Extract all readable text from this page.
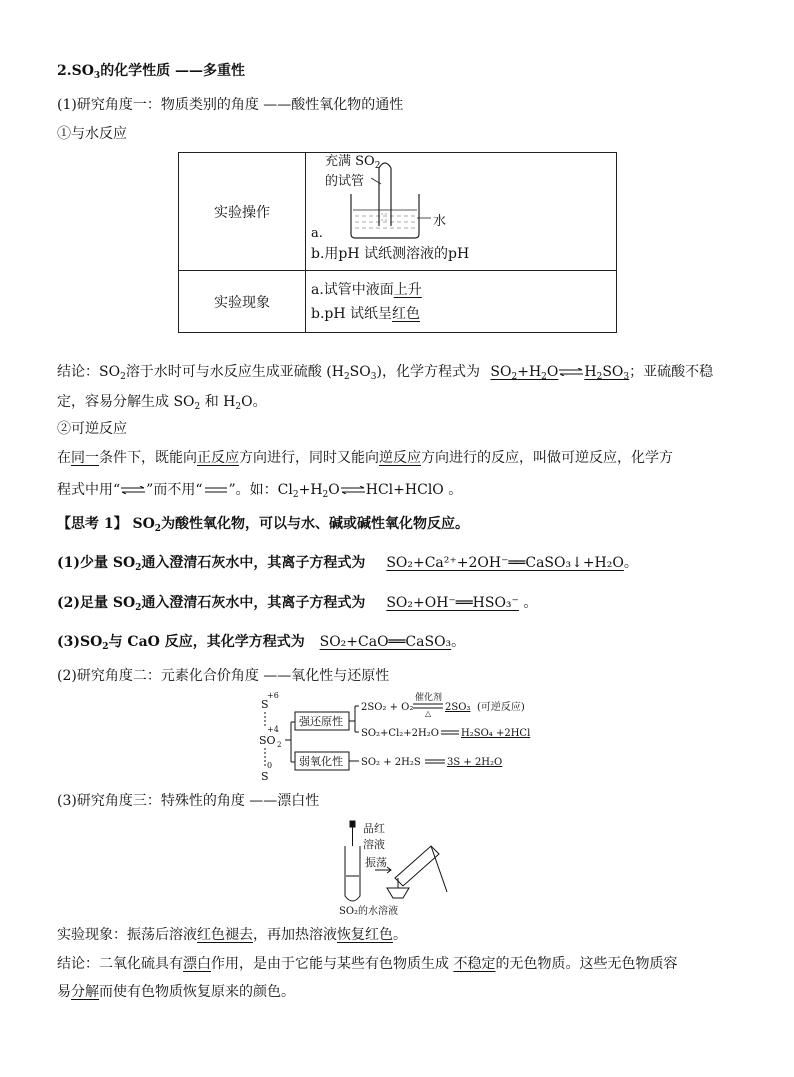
$2.SO_3$的化学性质 ——多重性
(1)研究角度一：物质类别的角度 ——酸性氧化物的通性
①与水反应
实验操作	充满 $SO_2$
的试管
水
a.
b.用pH 试纸测溶液的pH

实验现象	a.试管中液面上升
b.pH 试纸呈红色
结论：$SO_2$溶于水时可与水反应生成亚硫酸 $(H_2SO_3)$，化学方程式为 $SO_2+H_2O\rightleftharpoons H_2SO_3$；亚硫酸不稳
定，容易分解生成 $SO_2$ 和 $H_2O$。
②可逆反应
在同一条件下，既能向正反应方向进行，同时又能向逆反应方向进行的反应，叫做可逆反应，化学方
程式中用“⇌”而不用“ ”。如：$Cl_2+H_2O\rightleftharpoons HCl+HClO$ 。
【思考 1】 $SO_2$为酸性氧化物，可以与水、碱或碱性氧化物反应。
(1)少量 $SO_2$通入澄清石灰水中，其离子方程式为 SO₂+Ca²⁺+2OH⁻══CaSO₃↓+H₂O。
(2)足量 $SO_2$通入澄清石灰水中，其离子方程式为 SO₂+OH⁻══HSO₃⁻ 。
$(3)SO_2$与 CaO 反应，其化学方程式为 SO₂+CaO══CaSO₃。
(2)研究角度二：元素化合价角度 ——氧化性与还原性
+6
S
+4
SO 2
0
S
强还原性
弱氧化性
2SO₂ + O₂
催化剂
△
2SO₃ (可逆反应)
SO₂+Cl₂+2H₂O H₂SO₄ +2HCl
SO₂ + 2H₂S	3S + 2H₂O
(3)研究角度三：特殊性的角度 ——漂白性
品红
溶液
振荡
SO₂的水溶液
实验现象：振荡后溶液红色褪去，再加热溶液恢复红色。
结论：二氧化硫具有漂白作用，是由于它能与某些有色物质生成 不稳定的无色物质。这些无色物质容
易分解而使有色物质恢复原来的颜色。
